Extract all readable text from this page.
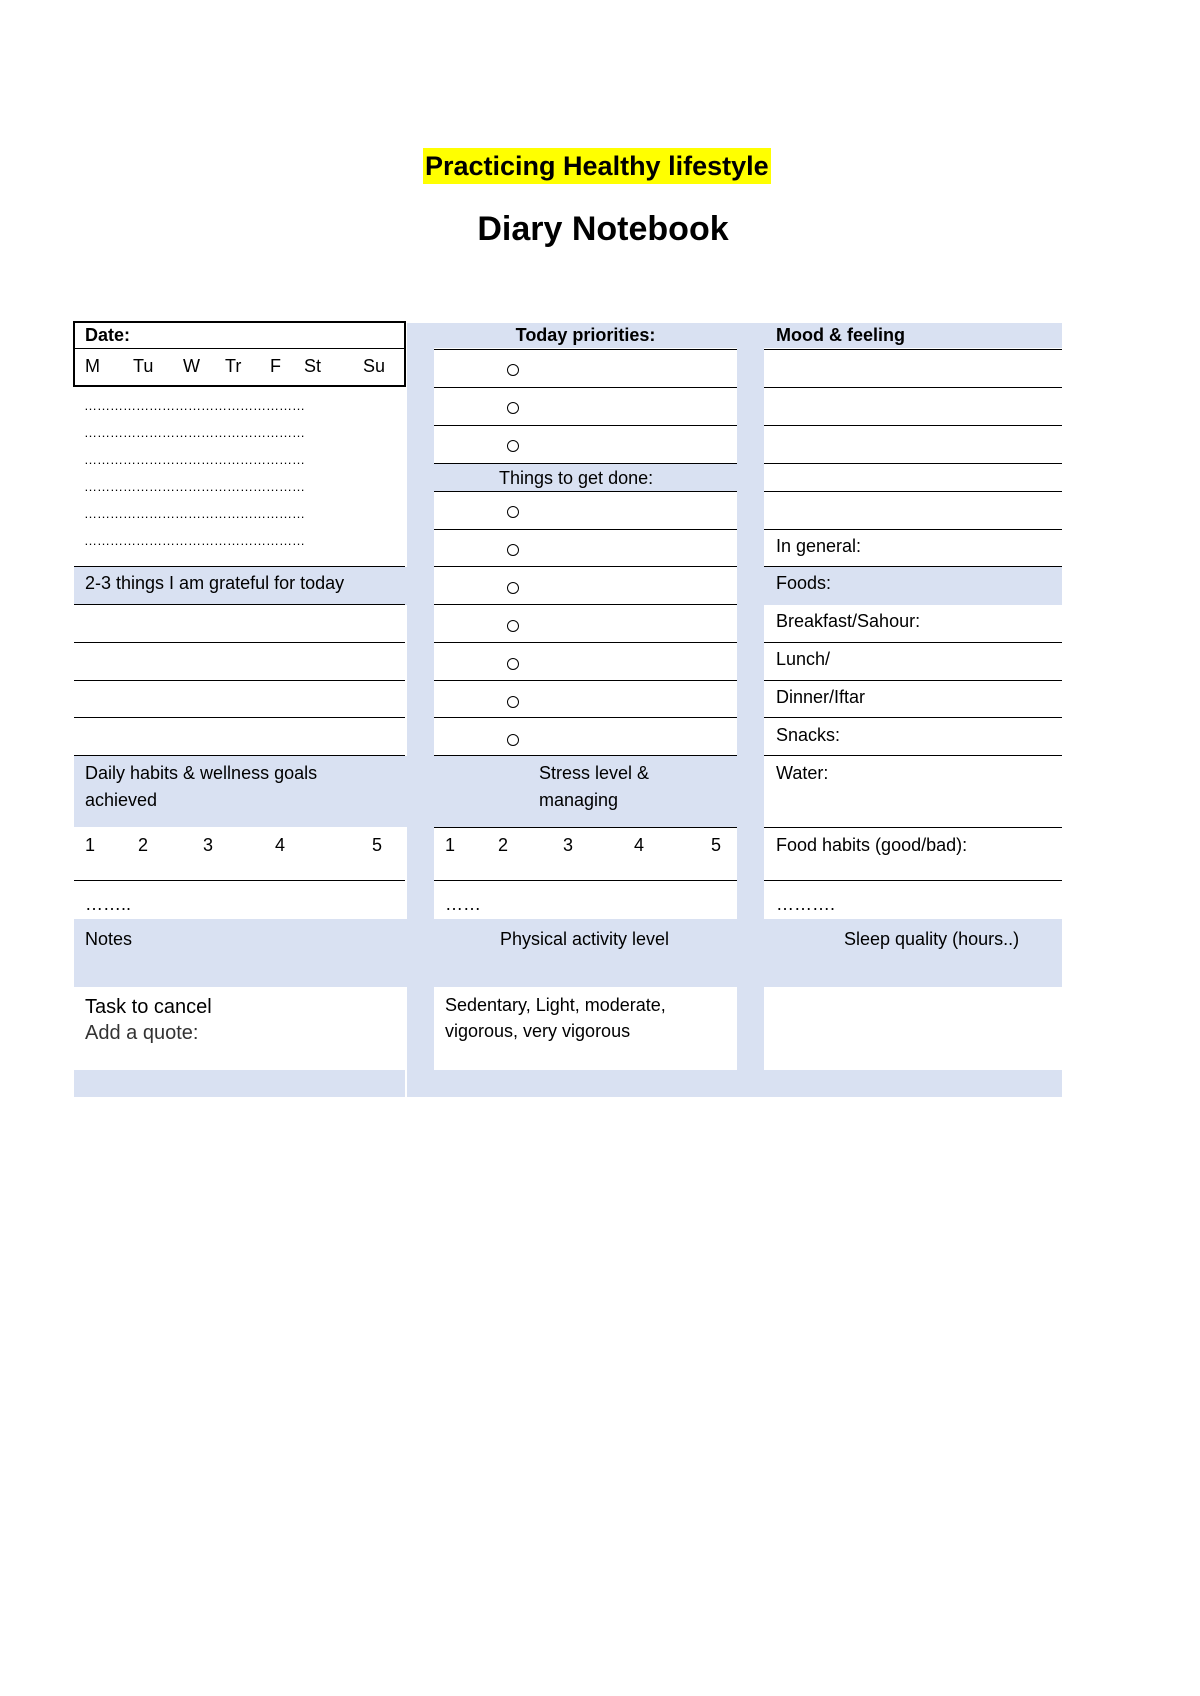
Practicing Healthy lifestyle
Diary Notebook
Date:
M Tu W Tr F St Su
……………………………………………
……………………………………………
……………………………………………
……………………………………………
……………………………………………
……………………………………………
2-3 things I am grateful for today
Daily habits & wellness goals
achieved
1 2	3	4	5
……..
Notes
Task to cancel
Add a quote:
Today priorities:
Things to get done:
Stress level &
managing
1 2	3	4	5
……
Physical activity level
Sedentary, Light, moderate,
vigorous, very vigorous
Mood & feeling
In general:
Foods:
Breakfast/Sahour:
Lunch/
Dinner/Iftar
Snacks:
Water:
Food habits (good/bad):
……….
Sleep quality (hours..)
